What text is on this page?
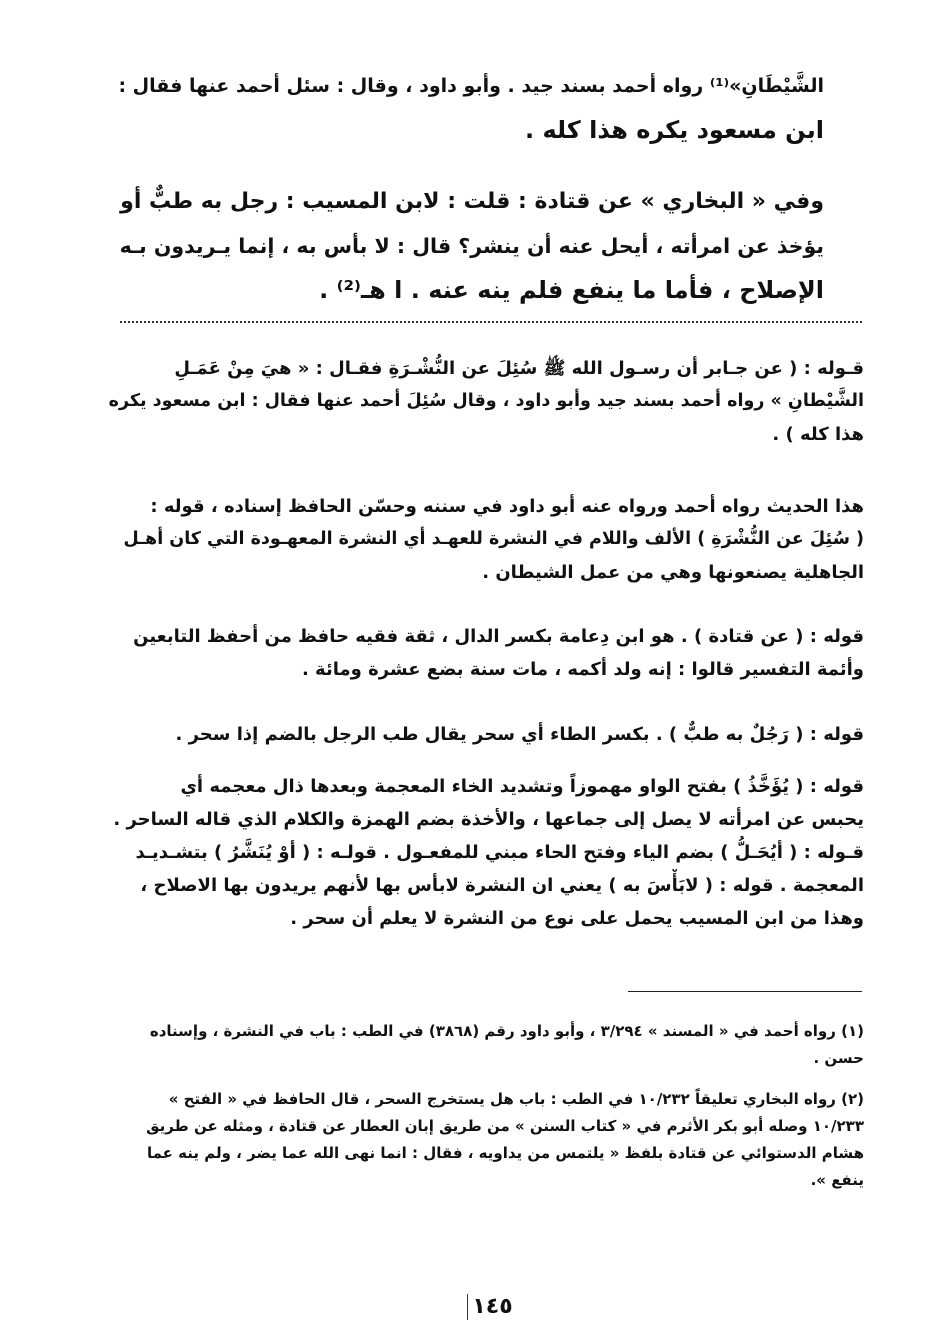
الشَّيْطَانِ»⁽¹⁾ رواه أحمد بسند جيد . وأبو داود ، وقال : سئل أحمد عنها فقال :
ابن مسعود يكره هذا كله .
وفي « البخاري » عن قتادة : قلت : لابن المسيب : رجل به طبٌّ أو
يؤخذ عن امرأته ، أيحل عنه أن ينشر؟ قال : لا بأس به ، إنما يـريدون بـه
الإصلاح ، فأما ما ينفع فلم ينه عنه . ا هـ⁽²⁾ .
قـوله : ( عن جـابر أن رسـول الله ﷺ سُئِلَ عن النُّشْـرَةِ فقـال : « هيَ مِنْ عَمَـلِ
الشَّيْطانِ » رواه أحمد بسند جيد وأبو داود ، وقال سُئِلَ أحمد عنها فقال : ابن مسعود يكره
هذا كله ) .
هذا الحديث رواه أحمد ورواه عنه أبو داود في سننه وحسّن الحافظ إسناده ، قوله :
( سُئِلَ عن النُّشْرَةِ ) الألف واللام في النشرة للعهـد أي النشرة المعهـودة التي كان أهـل
الجاهلية يصنعونها وهي من عمل الشيطان .
قوله : ( عن قتادة ) . هو ابن دِعامة بكسر الدال ، ثقة فقيه حافظ من أحفظ التابعين
وأئمة التفسير قالوا : إنه ولد أكمه ، مات سنة بضع عشرة ومائة .
قوله : ( رَجُلٌ به طبٌّ ) . بكسر الطاء أي سحر يقال طب الرجل بالضم إذا سحر .
قوله : ( يُؤَخَّذُ ) بفتح الواو مهموزاً وتشديد الخاء المعجمة وبعدها ذال معجمه أي
يحبس عن امرأته لا يصل إلى جماعها ، والأخذة بضم الهمزة والكلام الذي قاله الساحر .
قـوله : ( أيُحَـلُّ ) بضم الياء وفتح الحاء مبني للمفعـول . قولـه : ( أوْ يُنَشَّرُ ) بتشـديـد
المعجمة . قوله : ( لابَأْسَ به ) يعني ان النشرة لابأس بها لأنهم يريدون بها الاصلاح ،
وهذا من ابن المسيب يحمل على نوع من النشرة لا يعلم أن سحر .
(١) رواه أحمد في « المسند » ٣/٢٩٤ ، وأبو داود رقم (٣٨٦٨) في الطب : باب في النشرة ، وإسناده
حسن .
(٢) رواه البخاري تعليقاً ١٠/٢٣٢ في الطب : باب هل يستخرج السحر ، قال الحافظ في « الفتح »
١٠/٢٣٣ وصله أبو بكر الأثرم في « كتاب السنن » من طريق إبان العطار عن قتادة ، ومثله عن طريق
هشام الدستوائي عن قتادة بلفظ « يلتمس من يداويه ، فقال : انما نهى الله عما يضر ، ولم ينه عما
ينفع ».
١٤٥
